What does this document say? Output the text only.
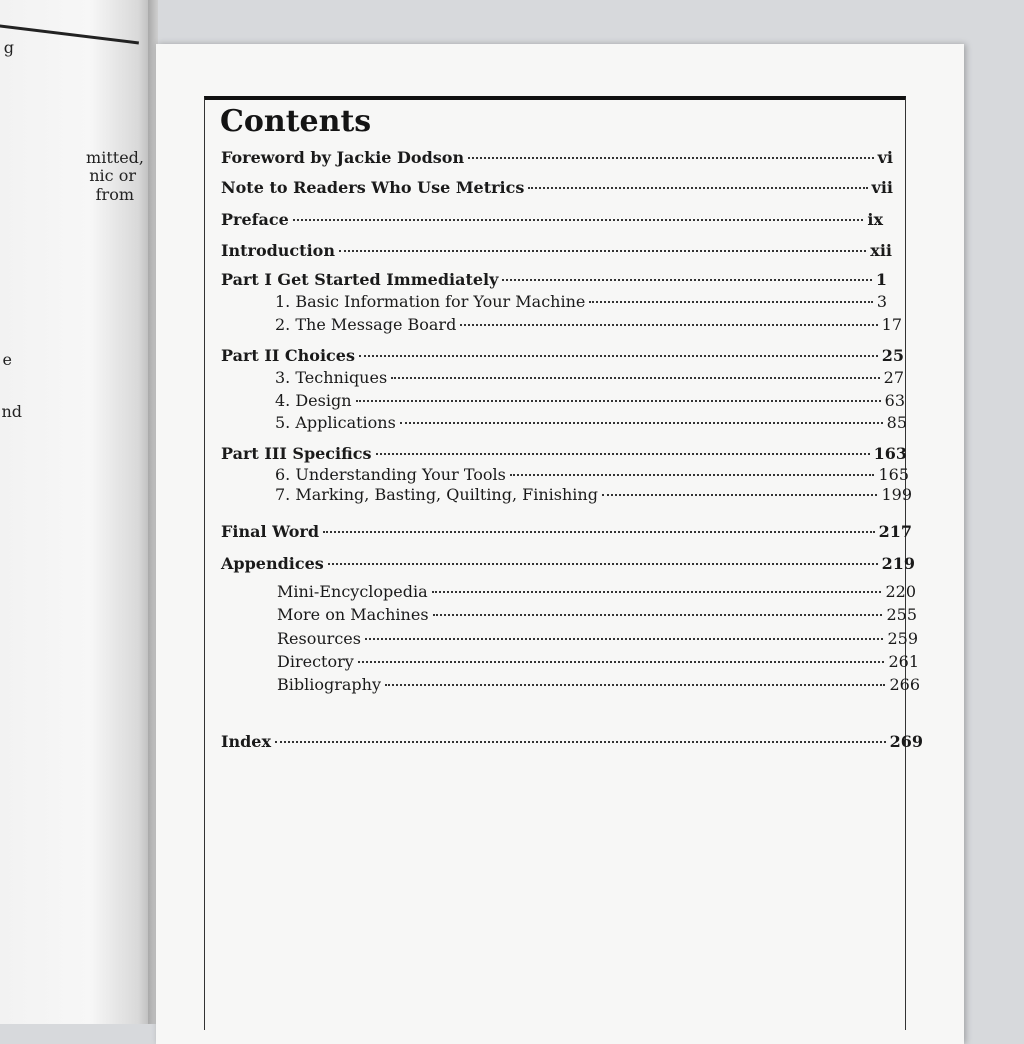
g
mitted,
nic or
from
e
nd
Contents
Foreword by Jackie Dodson	vi
Note to Readers Who Use Metrics	vii
Preface	ix
Introduction	xii
Part I Get Started Immediately	1
1. Basic Information for Your Machine	3
2. The Message Board	17
Part II Choices	25
3. Techniques	27
4. Design	63
5. Applications	85
Part III Specifics	163
6. Understanding Your Tools	165
7. Marking, Basting, Quilting, Finishing	199
Final Word	217
Appendices	219
Mini-Encyclopedia	220
More on Machines	255
Resources	259
Directory	261
Bibliography	266
Index	269
